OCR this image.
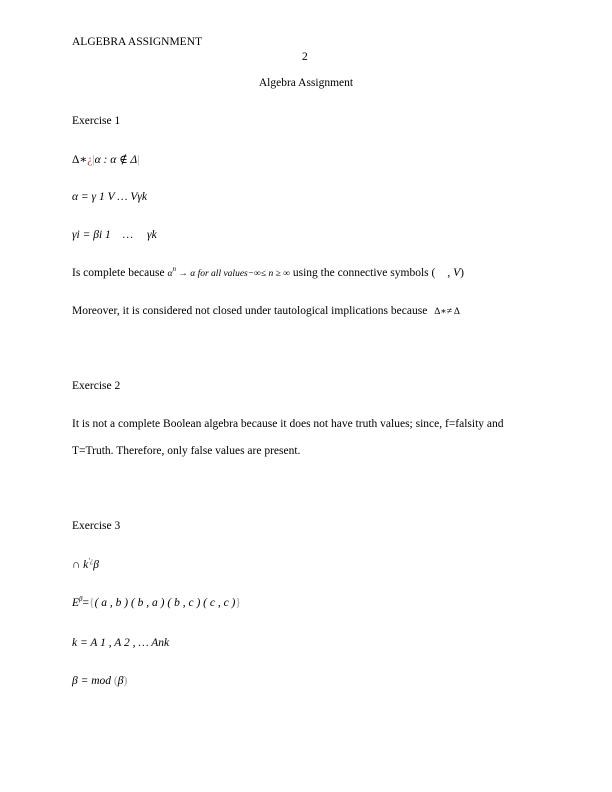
ALGEBRA ASSIGNMENT
2
Algebra Assignment
Exercise 1
Δ∗¿|α : α ∉ Δ|
α = γ 1 V … Vγk
γi = βi 1 … γk
Is complete because $\alpha^n \to \alpha$ for all values−∞≤ n ≥ ∞ using the connective symbols ( , V)
Moreover, it is considered not closed under tautological implications because Δ∗≠ Δ
Exercise 2
It is not a complete Boolean algebra because it does not have truth values; since, f=falsity and
T=Truth. Therefore, only false values are present.
Exercise 3
∩ k'¿β
$E^\beta=${( a , b ) ( b , a ) ( b , c ) ( c , c )}
k = A 1 , A 2 , … Ank
β = mod (β)
